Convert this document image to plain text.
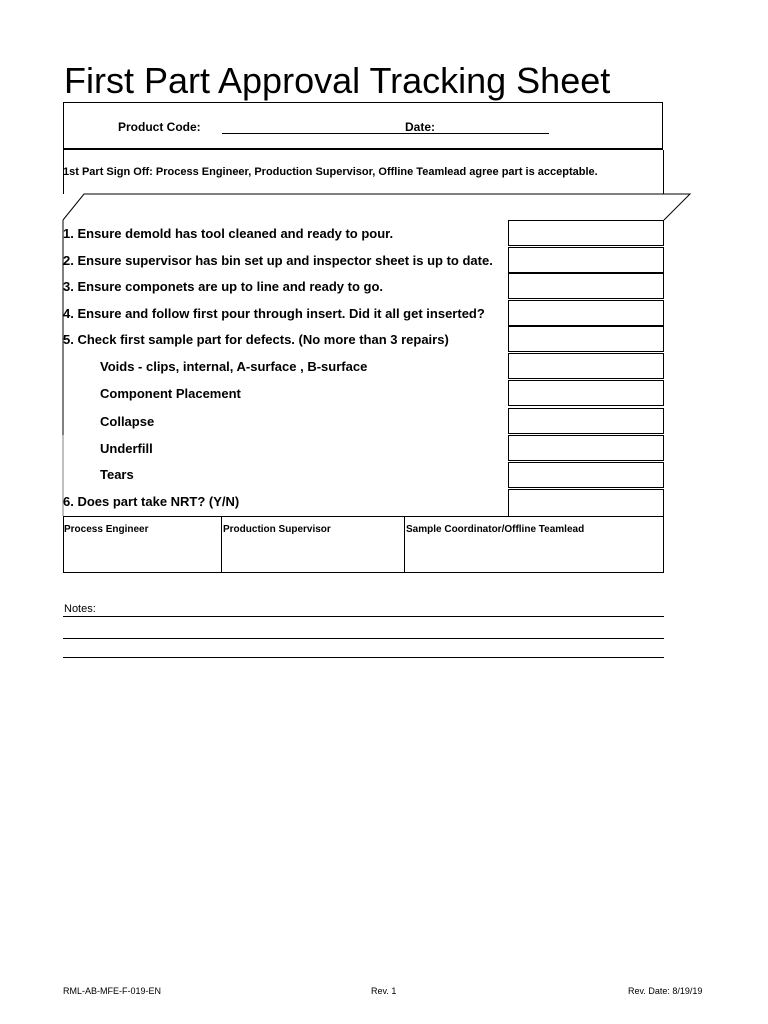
First Part Approval Tracking Sheet
Product Code:	Date:
1st Part Sign Off: Process Engineer, Production Supervisor, Offline Teamlead agree part is acceptable.
1. Ensure demold has tool cleaned and ready to pour.
2. Ensure supervisor has bin set up and inspector sheet is up to date.
3. Ensure componets are up to line and ready to go.
4. Ensure and follow first pour through insert. Did it all get inserted?
5. Check first sample part for defects. (No more than 3 repairs)
Voids - clips, internal, A-surface , B-surface
Component Placement
Collapse
Underfill
Tears
6. Does part take NRT? (Y/N)
Process Engineer	Production Supervisor	Sample Coordinator/Offline Teamlead
Notes:
RML-AB-MFE-F-019-EN	Rev. 1	Rev. Date: 8/19/19
